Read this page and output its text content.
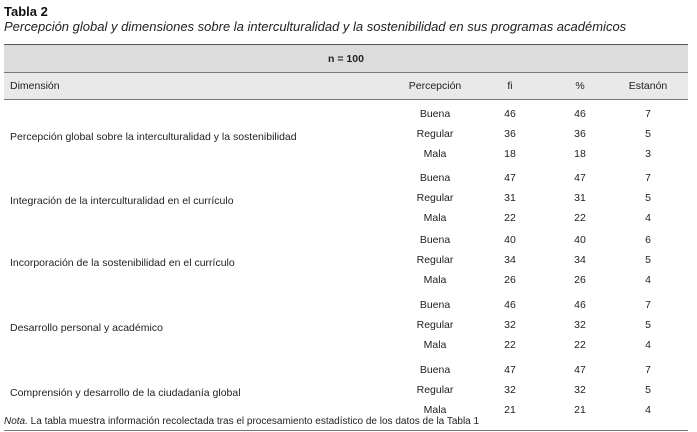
Tabla 2
Percepción global y dimensiones sobre la interculturalidad y la sostenibilidad en sus programas académicos
n = 100
Dimensión	Percepción	fi	%	Estanón
Percepción global sobre la interculturalidad y la sostenibilidad
Buena	46	46	7
Regular	36	36	5
Mala	18	18	3
Integración de la interculturalidad en el currículo
Buena	47	47	7
Regular	31	31	5
Mala	22	22	4
Incorporación de la sostenibilidad en el currículo
Buena	40	40	6
Regular	34	34	5
Mala	26	26	4
Desarrollo personal y académico
Buena	46	46	7
Regular	32	32	5
Mala	22	22	4
Comprensión y desarrollo de la ciudadanía global
Buena	47	47	7
Regular	32	32	5
Mala	21	21	4
Nota. La tabla muestra información recolectada tras el procesamiento estadístico de los datos de la Tabla 1
